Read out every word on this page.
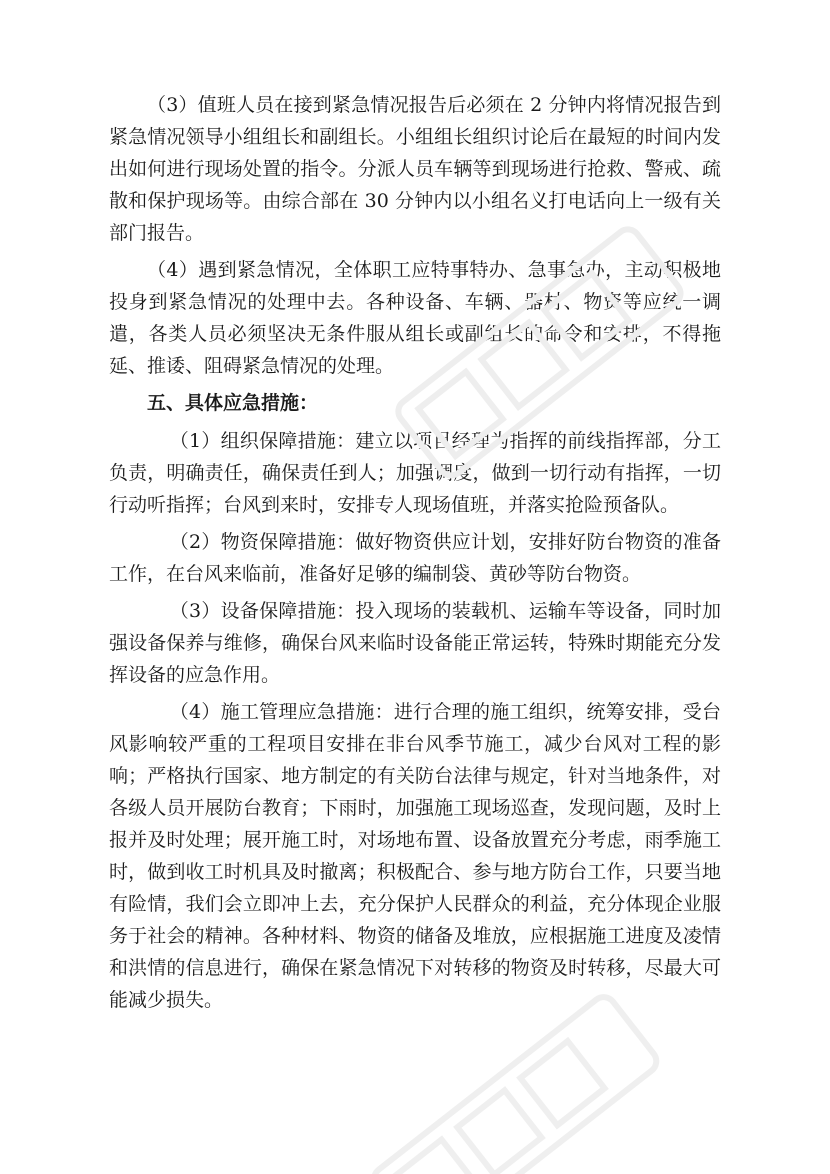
（3）值班人员在接到紧急情况报告后必须在 2 分钟内将情况报告到紧急情况领导小组组长和副组长。小组组长组织讨论后在最短的时间内发出如何进行现场处置的指令。分派人员车辆等到现场进行抢救、警戒、疏散和保护现场等。由综合部在 30 分钟内以小组名义打电话向上一级有关部门报告。

（4）遇到紧急情况，全体职工应特事特办、急事急办，主动积极地投身到紧急情况的处理中去。各种设备、车辆、器材、物资等应统一调遣，各类人员必须坚决无条件服从组长或副组长的命令和安排，不得拖延、推诿、阻碍紧急情况的处理。

五、具体应急措施：

（1）组织保障措施：建立以项目经理为指挥的前线指挥部，分工负责，明确责任，确保责任到人；加强调度，做到一切行动有指挥，一切行动听指挥；台风到来时，安排专人现场值班，并落实抢险预备队。

（2）物资保障措施：做好物资供应计划，安排好防台物资的准备工作，在台风来临前，准备好足够的编制袋、黄砂等防台物资。

（3）设备保障措施：投入现场的装载机、运输车等设备，同时加强设备保养与维修，确保台风来临时设备能正常运转，特殊时期能充分发挥设备的应急作用。

（4）施工管理应急措施：进行合理的施工组织，统筹安排，受台风影响较严重的工程项目安排在非台风季节施工，减少台风对工程的影响；严格执行国家、地方制定的有关防台法律与规定，针对当地条件，对各级人员开展防台教育；下雨时，加强施工现场巡查，发现问题，及时上报并及时处理；展开施工时，对场地布置、设备放置充分考虑，雨季施工时，做到收工时机具及时撤离；积极配合、参与地方防台工作，只要当地有险情，我们会立即冲上去，充分保护人民群众的利益，充分体现企业服务于社会的精神。各种材料、物资的储备及堆放，应根据施工进度及凌情和洪情的信息进行，确保在紧急情况下对转移的物资及时转移，尽最大可能减少损失。
